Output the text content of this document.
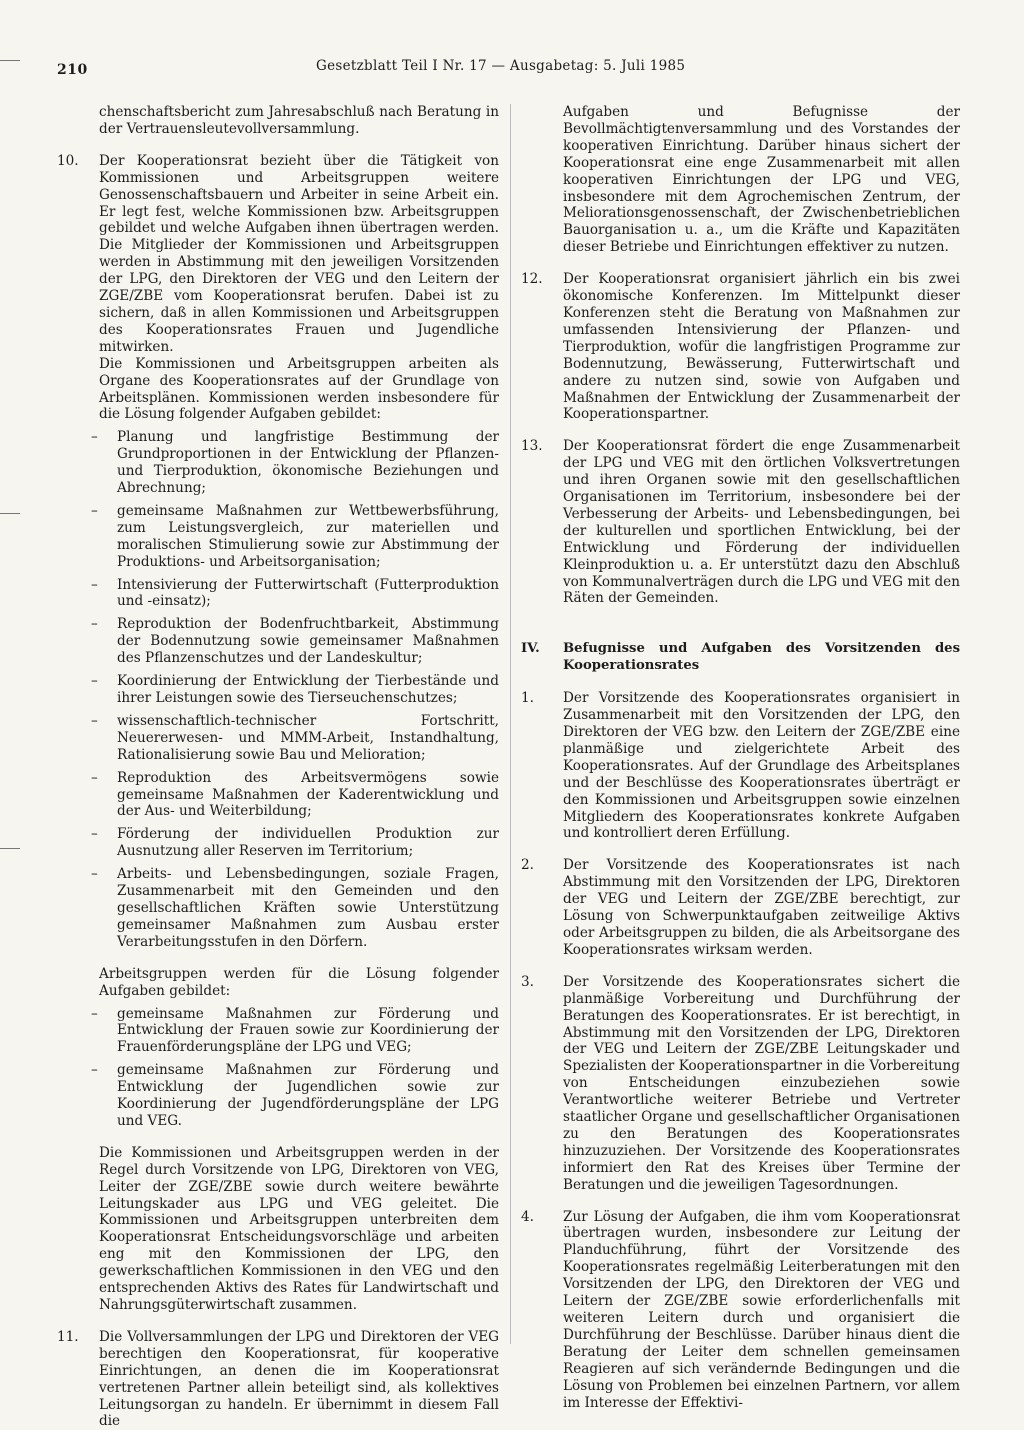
210	Gesetzblatt Teil I Nr. 17 — Ausgabetag: 5. Juli 1985

chenschaftsbericht zum Jahresabschluß nach Beratung in der Vertrauensleutevollversammlung.

10.	Der Kooperationsrat bezieht über die Tätigkeit von Kommissionen und Arbeitsgruppen weitere Genossenschaftsbauern und Arbeiter in seine Arbeit ein. Er legt fest, welche Kommissionen bzw. Arbeitsgruppen gebildet und welche Aufgaben ihnen übertragen werden. Die Mitglieder der Kommissionen und Arbeitsgruppen werden in Abstimmung mit den jeweiligen Vorsitzenden der LPG, den Direktoren der VEG und den Leitern der ZGE/ZBE vom Kooperationsrat berufen. Dabei ist zu sichern, daß in allen Kommissionen und Arbeitsgruppen des Kooperationsrates Frauen und Jugendliche mitwirken.

Die Kommissionen und Arbeitsgruppen arbeiten als Organe des Kooperationsrates auf der Grundlage von Arbeitsplänen. Kommissionen werden insbesondere für die Lösung folgender Aufgaben gebildet:

– Planung und langfristige Bestimmung der Grundproportionen in der Entwicklung der Pflanzen- und Tierproduktion, ökonomische Beziehungen und Abrechnung;
– gemeinsame Maßnahmen zur Wettbewerbsführung, zum Leistungsvergleich, zur materiellen und moralischen Stimulierung sowie zur Abstimmung der Produktions- und Arbeitsorganisation;
– Intensivierung der Futterwirtschaft (Futterproduktion und -einsatz);
– Reproduktion der Bodenfruchtbarkeit, Abstimmung der Bodennutzung sowie gemeinsamer Maßnahmen des Pflanzenschutzes und der Landeskultur;
– Koordinierung der Entwicklung der Tierbestände und ihrer Leistungen sowie des Tierseuchenschutzes;
– wissenschaftlich-technischer Fortschritt, Neuererwesen- und MMM-Arbeit, Instandhaltung, Rationalisierung sowie Bau und Melioration;
– Reproduktion des Arbeitsvermögens sowie gemeinsame Maßnahmen der Kaderentwicklung und der Aus- und Weiterbildung;
– Förderung der individuellen Produktion zur Ausnutzung aller Reserven im Territorium;
– Arbeits- und Lebensbedingungen, soziale Fragen, Zusammenarbeit mit den Gemeinden und den gesellschaftlichen Kräften sowie Unterstützung gemeinsamer Maßnahmen zum Ausbau erster Verarbeitungsstufen in den Dörfern.

Arbeitsgruppen werden für die Lösung folgender Aufgaben gebildet:

– gemeinsame Maßnahmen zur Förderung und Entwicklung der Frauen sowie zur Koordinierung der Frauenförderungspläne der LPG und VEG;
– gemeinsame Maßnahmen zur Förderung und Entwicklung der Jugendlichen sowie zur Koordinierung der Jugendförderungspläne der LPG und VEG.

Die Kommissionen und Arbeitsgruppen werden in der Regel durch Vorsitzende von LPG, Direktoren von VEG, Leiter der ZGE/ZBE sowie durch weitere bewährte Leitungskader aus LPG und VEG geleitet. Die Kommissionen und Arbeitsgruppen unterbreiten dem Kooperationsrat Entscheidungsvorschläge und arbeiten eng mit den Kommissionen der LPG, den gewerkschaftlichen Kommissionen in den VEG und den entsprechenden Aktivs des Rates für Landwirtschaft und Nahrungsgüterwirtschaft zusammen.

11.	Die Vollversammlungen der LPG und Direktoren der VEG berechtigen den Kooperationsrat, für kooperative Einrichtungen, an denen die im Kooperationsrat vertretenen Partner allein beteiligt sind, als kollektives Leitungsorgan zu handeln. Er übernimmt in diesem Fall die

Aufgaben und Befugnisse der Bevollmächtigtenversammlung und des Vorstandes der kooperativen Einrichtung. Darüber hinaus sichert der Kooperationsrat eine enge Zusammenarbeit mit allen kooperativen Einrichtungen der LPG und VEG, insbesondere mit dem Agrochemischen Zentrum, der Meliorationsgenossenschaft, der Zwischenbetrieblichen Bauorganisation u. a., um die Kräfte und Kapazitäten dieser Betriebe und Einrichtungen effektiver zu nutzen.

12.	Der Kooperationsrat organisiert jährlich ein bis zwei ökonomische Konferenzen. Im Mittelpunkt dieser Konferenzen steht die Beratung von Maßnahmen zur umfassenden Intensivierung der Pflanzen- und Tierproduktion, wofür die langfristigen Programme zur Bodennutzung, Bewässerung, Futterwirtschaft und andere zu nutzen sind, sowie von Aufgaben und Maßnahmen der Entwicklung der Zusammenarbeit der Kooperationspartner.

13.	Der Kooperationsrat fördert die enge Zusammenarbeit der LPG und VEG mit den örtlichen Volksvertretungen und ihren Organen sowie mit den gesellschaftlichen Organisationen im Territorium, insbesondere bei der Verbesserung der Arbeits- und Lebensbedingungen, bei der kulturellen und sportlichen Entwicklung, bei der Entwicklung und Förderung der individuellen Kleinproduktion u. a. Er unterstützt dazu den Abschluß von Kommunalverträgen durch die LPG und VEG mit den Räten der Gemeinden.

IV.	Befugnisse und Aufgaben des Vorsitzenden des Kooperationsrates
1.	Der Vorsitzende des Kooperationsrates organisiert in Zusammenarbeit mit den Vorsitzenden der LPG, den Direktoren der VEG bzw. den Leitern der ZGE/ZBE eine planmäßige und zielgerichtete Arbeit des Kooperationsrates. Auf der Grundlage des Arbeitsplanes und der Beschlüsse des Kooperationsrates überträgt er den Kommissionen und Arbeitsgruppen sowie einzelnen Mitgliedern des Kooperationsrates konkrete Aufgaben und kontrolliert deren Erfüllung.

2.	Der Vorsitzende des Kooperationsrates ist nach Abstimmung mit den Vorsitzenden der LPG, Direktoren der VEG und Leitern der ZGE/ZBE berechtigt, zur Lösung von Schwerpunktaufgaben zeitweilige Aktivs oder Arbeitsgruppen zu bilden, die als Arbeitsorgane des Kooperationsrates wirksam werden.

3.	Der Vorsitzende des Kooperationsrates sichert die planmäßige Vorbereitung und Durchführung der Beratungen des Kooperationsrates. Er ist berechtigt, in Abstimmung mit den Vorsitzenden der LPG, Direktoren der VEG und Leitern der ZGE/ZBE Leitungskader und Spezialisten der Kooperationspartner in die Vorbereitung von Entscheidungen einzubeziehen sowie Verantwortliche weiterer Betriebe und Vertreter staatlicher Organe und gesellschaftlicher Organisationen zu den Beratungen des Kooperationsrates hinzuzuziehen. Der Vorsitzende des Kooperationsrates informiert den Rat des Kreises über Termine der Beratungen und die jeweiligen Tagesordnungen.

4.	Zur Lösung der Aufgaben, die ihm vom Kooperationsrat übertragen wurden, insbesondere zur Leitung der Planduchführung, führt der Vorsitzende des Kooperationsrates regelmäßig Leiterberatungen mit den Vorsitzenden der LPG, den Direktoren der VEG und Leitern der ZGE/ZBE sowie erforderlichenfalls mit weiteren Leitern durch und organisiert die Durchführung der Beschlüsse. Darüber hinaus dient die Beratung der Leiter dem schnellen gemeinsamen Reagieren auf sich verändernde Bedingungen und die Lösung von Problemen bei einzelnen Partnern, vor allem im Interesse der Effektivi-
